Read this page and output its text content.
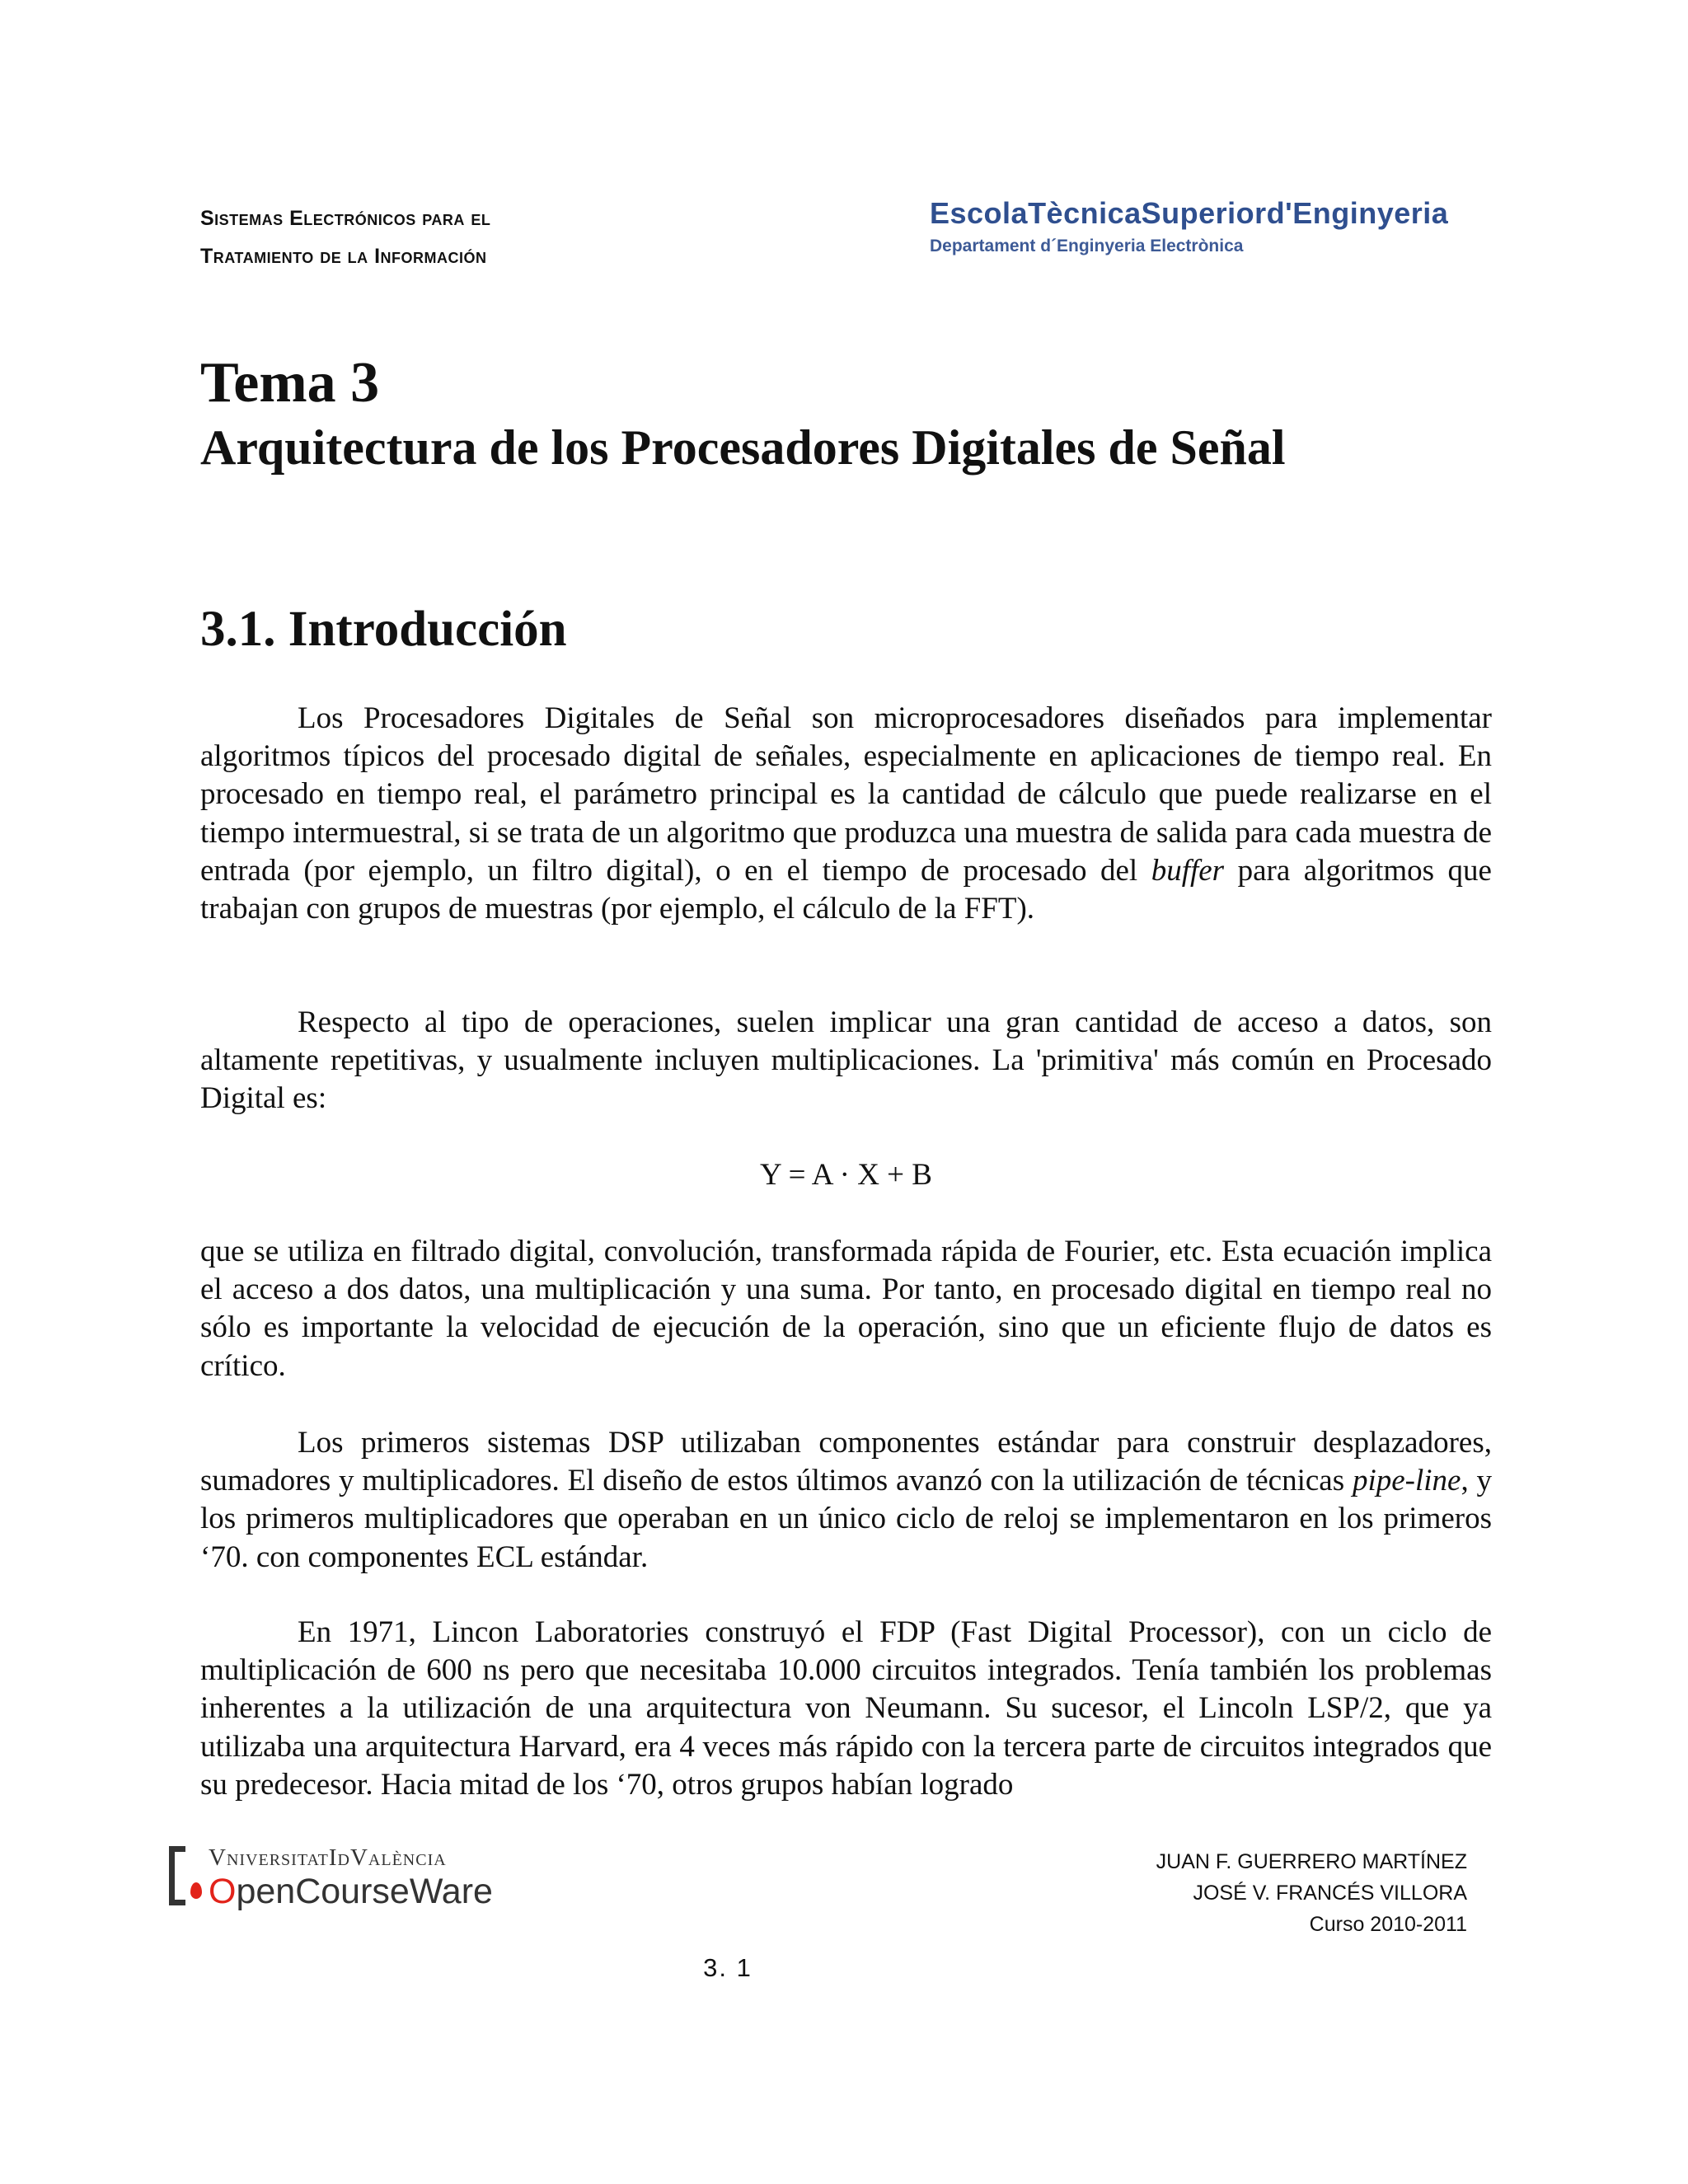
Sistemas Electrónicos para el
Tratamiento de la Información
EscolaTècnicaSuperiord'Enginyeria
Departament d´Enginyeria Electrònica
Tema 3
Arquitectura de los Procesadores Digitales de Señal
3.1. Introducción
Los Procesadores Digitales de Señal son microprocesadores diseñados para implementar algoritmos típicos del procesado digital de señales, especialmente en aplicaciones de tiempo real. En procesado en tiempo real, el parámetro principal es la cantidad de cálculo que puede realizarse en el tiempo intermuestral, si se trata de un algoritmo que produzca una muestra de salida para cada muestra de entrada (por ejemplo, un filtro digital), o en el tiempo de procesado del buffer para algoritmos que trabajan con grupos de muestras (por ejemplo, el cálculo de la FFT).
Respecto al tipo de operaciones, suelen implicar una gran cantidad de acceso a datos, son altamente repetitivas, y usualmente incluyen multiplicaciones. La 'primitiva' más común en Procesado Digital es:
Y = A · X + B
que se utiliza en filtrado digital, convolución, transformada rápida de Fourier, etc. Esta ecuación implica el acceso a dos datos, una multiplicación y una suma. Por tanto, en procesado digital en tiempo real no sólo es importante la velocidad de ejecución de la operación, sino que un eficiente flujo de datos es crítico.
Los primeros sistemas DSP utilizaban componentes estándar para construir desplazadores, sumadores y multiplicadores. El diseño de estos últimos avanzó con la utilización de técnicas pipe-line, y los primeros multiplicadores que operaban en un único ciclo de reloj se implementaron en los primeros ‘70. con componentes ECL estándar.
En 1971, Lincon Laboratories construyó el FDP (Fast Digital Processor), con un ciclo de multiplicación de 600 ns pero que necesitaba 10.000 circuitos integrados. Tenía también los problemas inherentes a la utilización de una arquitectura von Neumann. Su sucesor, el Lincoln LSP/2, que ya utilizaba una arquitectura Harvard, era 4 veces más rápido con la tercera parte de circuitos integrados que su predecesor. Hacia mitad de los ‘70, otros grupos habían logrado
VniversitatIdValència
OpenCourseWare
JUAN F. GUERRERO MARTÍNEZ
JOSÉ V. FRANCÉS VILLORA
Curso 2010-2011
3. 1
